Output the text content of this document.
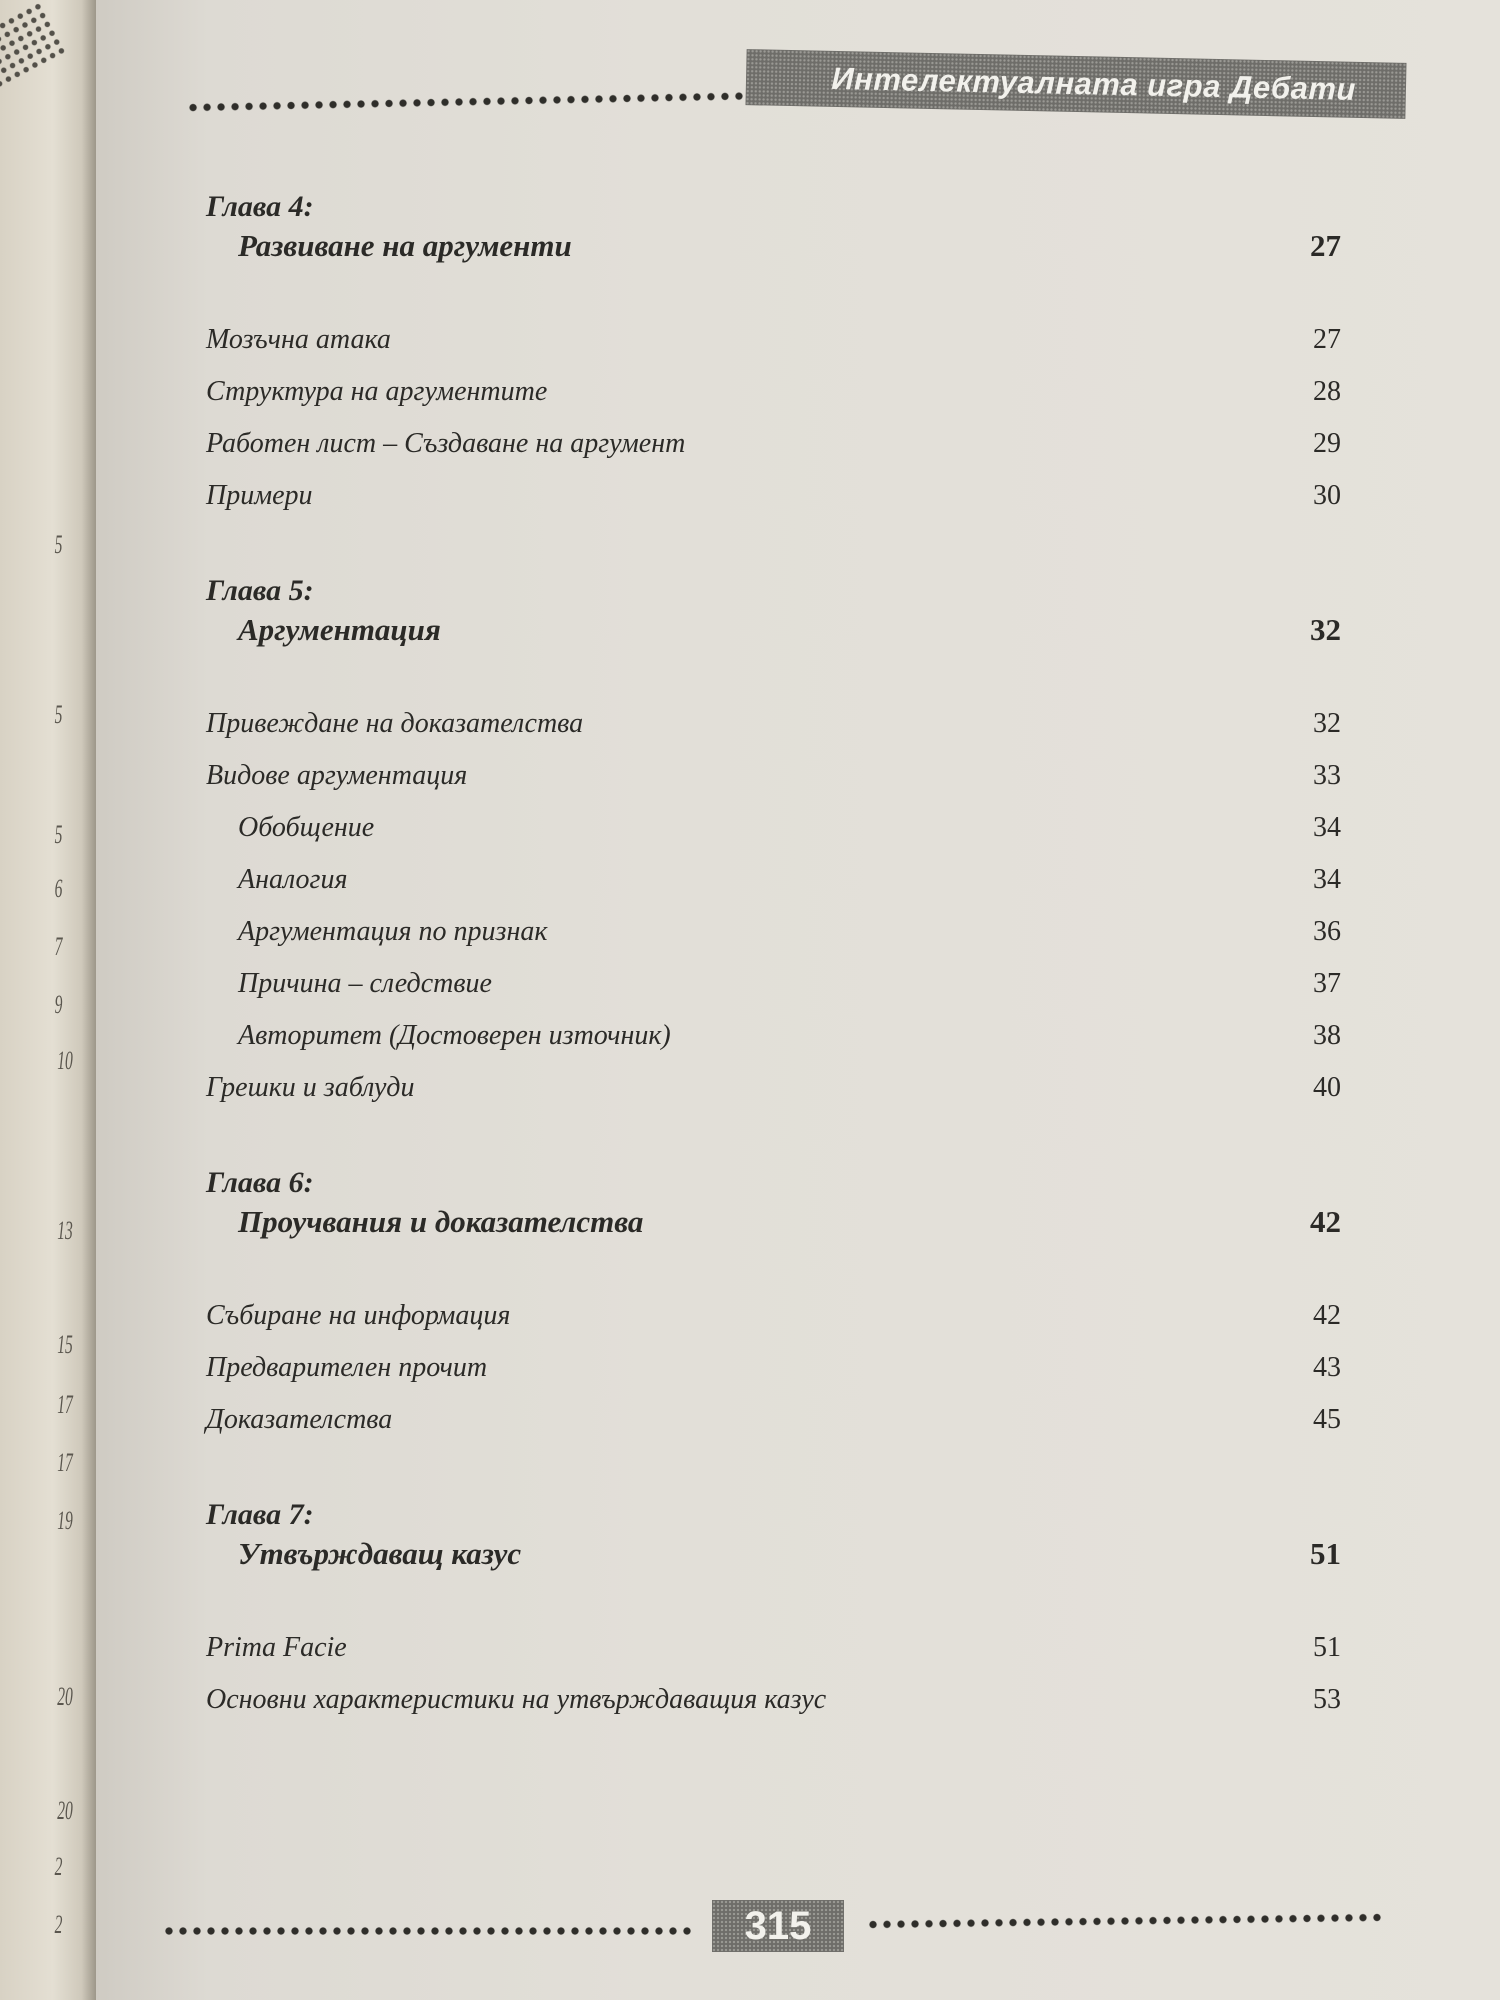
5
5
5
6
7
9
10
13
15
17
17
19
20
20
2
2
Интелектуалната игра Дебати
Глава 4:
Развиване на аргументи	27
Мозъчна атака	27
Структура на аргументите	28
Работен лист – Създаване на аргумент	29
Примери	30
Глава 5:
Аргументация	32
Привеждане на доказателства	32
Видове аргументация	33
Обобщение	34
Аналогия	34
Аргументация по признак	36
Причина – следствие	37
Авторитет (Достоверен източник)	38
Грешки и заблуди	40
Глава 6:
Проучвания и доказателства	42
Събиране на информация	42
Предварителен прочит	43
Доказателства	45
Глава 7:
Утвърждаващ казус	51
Prima Facie	51
Основни характеристики на утвърждаващия казус	53
315
